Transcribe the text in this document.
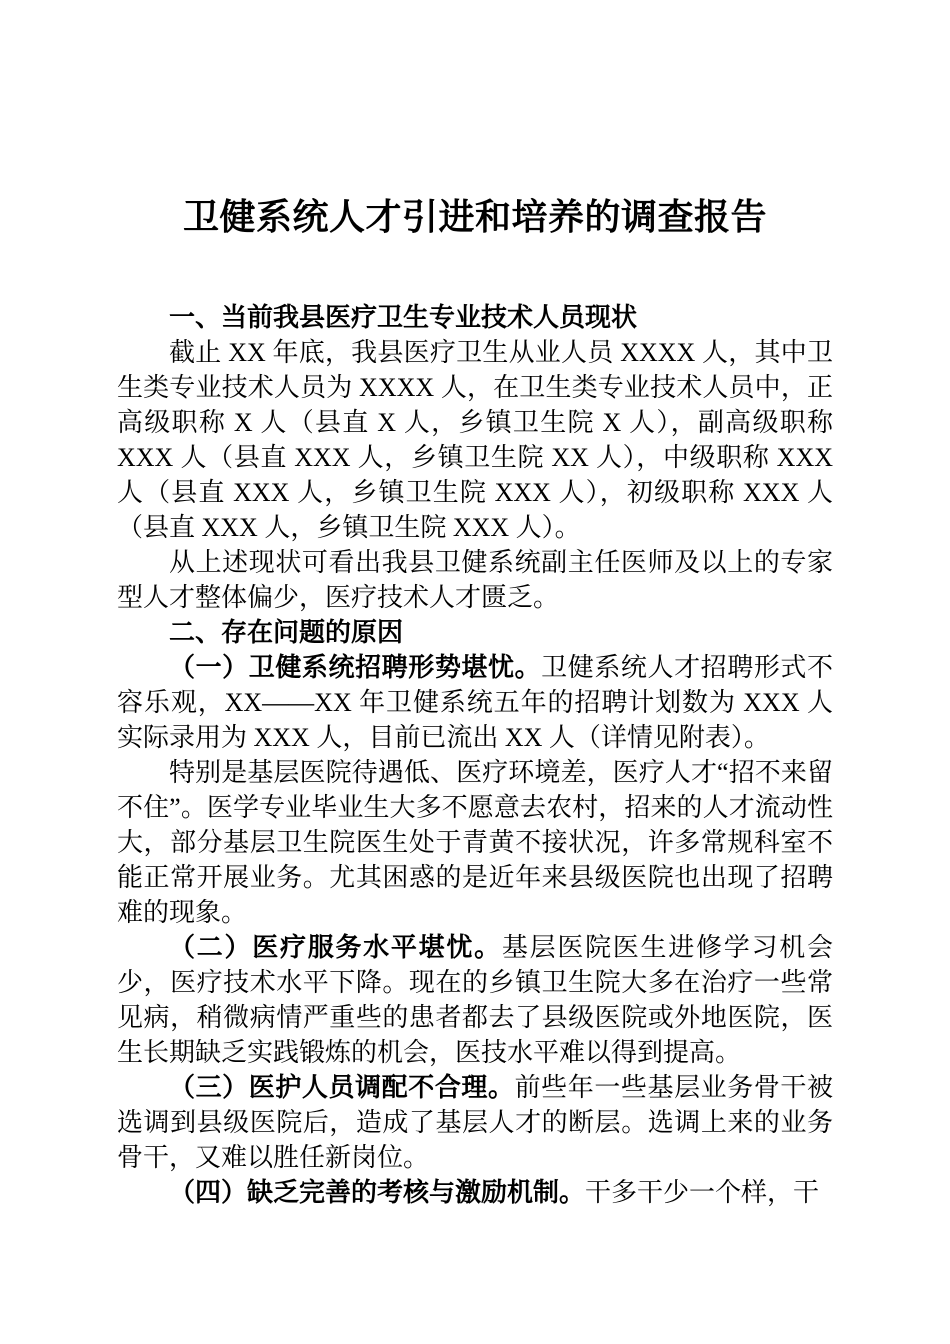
卫健系统人才引进和培养的调查报告
一、当前我县医疗卫生专业技术人员现状

截止 XX 年底，我县医疗卫生从业人员 XXXX 人，其中卫生类专业技术人员为 XXXX 人，在卫生类专业技术人员中，正高级职称 X 人（县直 X 人，乡镇卫生院 X 人），副高级职称 XXX 人（县直 XXX 人，乡镇卫生院 XX 人），中级职称 XXX 人（县直 XXX 人，乡镇卫生院 XXX 人），初级职称 XXX 人（县直 XXX 人，乡镇卫生院 XXX 人）。

从上述现状可看出我县卫健系统副主任医师及以上的专家型人才整体偏少，医疗技术人才匮乏。

二、存在问题的原因

（一）卫健系统招聘形势堪忧。卫健系统人才招聘形式不容乐观，XX——XX 年卫健系统五年的招聘计划数为 XXX 人实际录用为 XXX 人，目前已流出 XX 人（详情见附表）。

特别是基层医院待遇低、医疗环境差，医疗人才“招不来留不住”。医学专业毕业生大多不愿意去农村，招来的人才流动性大，部分基层卫生院医生处于青黄不接状况，许多常规科室不能正常开展业务。尤其困惑的是近年来县级医院也出现了招聘难的现象。

（二）医疗服务水平堪忧。基层医院医生进修学习机会少，医疗技术水平下降。现在的乡镇卫生院大多在治疗一些常见病，稍微病情严重些的患者都去了县级医院或外地医院，医生长期缺乏实践锻炼的机会，医技水平难以得到提高。

（三）医护人员调配不合理。前些年一些基层业务骨干被选调到县级医院后，造成了基层人才的断层。选调上来的业务骨干，又难以胜任新岗位。

（四）缺乏完善的考核与激励机制。干多干少一个样，干
